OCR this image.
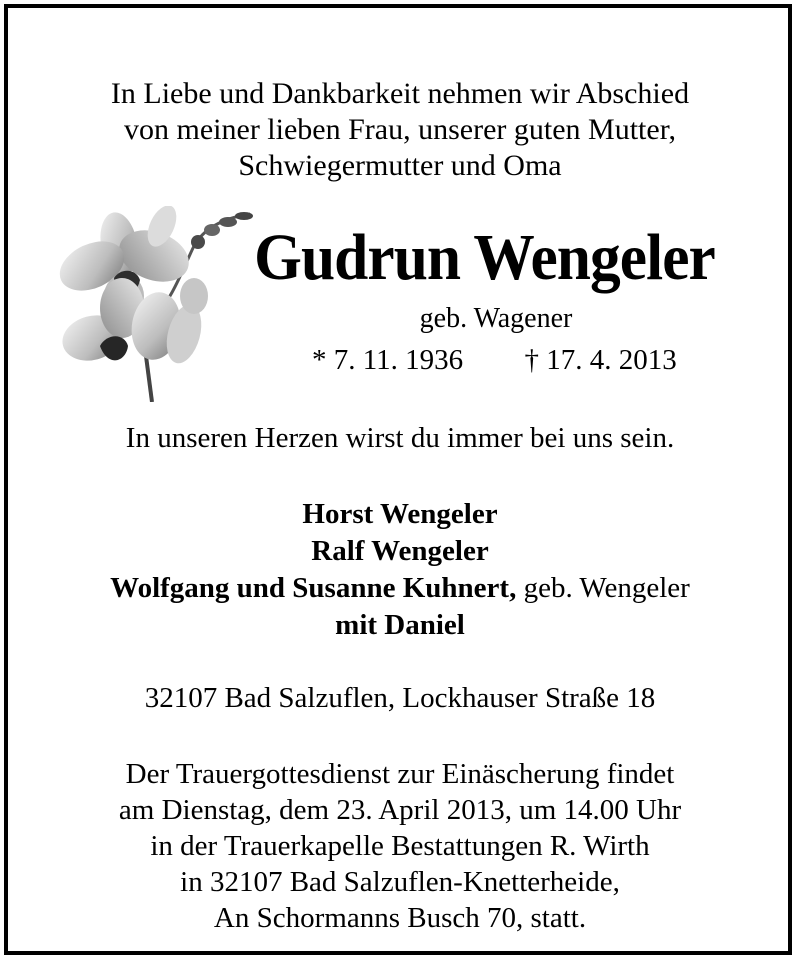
In Liebe und Dankbarkeit nehmen wir Abschied
von meiner lieben Frau, unserer guten Mutter,
Schwiegermutter und Oma
Gudrun Wengeler
geb. Wagener
* 7. 11. 1936 † 17. 4. 2013
In unseren Herzen wirst du immer bei uns sein.
Horst Wengeler
Ralf Wengeler
Wolfgang und Susanne Kuhnert, geb. Wengeler
mit Daniel
32107 Bad Salzuflen, Lockhauser Straße 18
Der Trauergottesdienst zur Einäscherung findet
am Dienstag, dem 23. April 2013, um 14.00 Uhr
in der Trauerkapelle Bestattungen R. Wirth
in 32107 Bad Salzuflen-Knetterheide,
An Schormanns Busch 70, statt.
